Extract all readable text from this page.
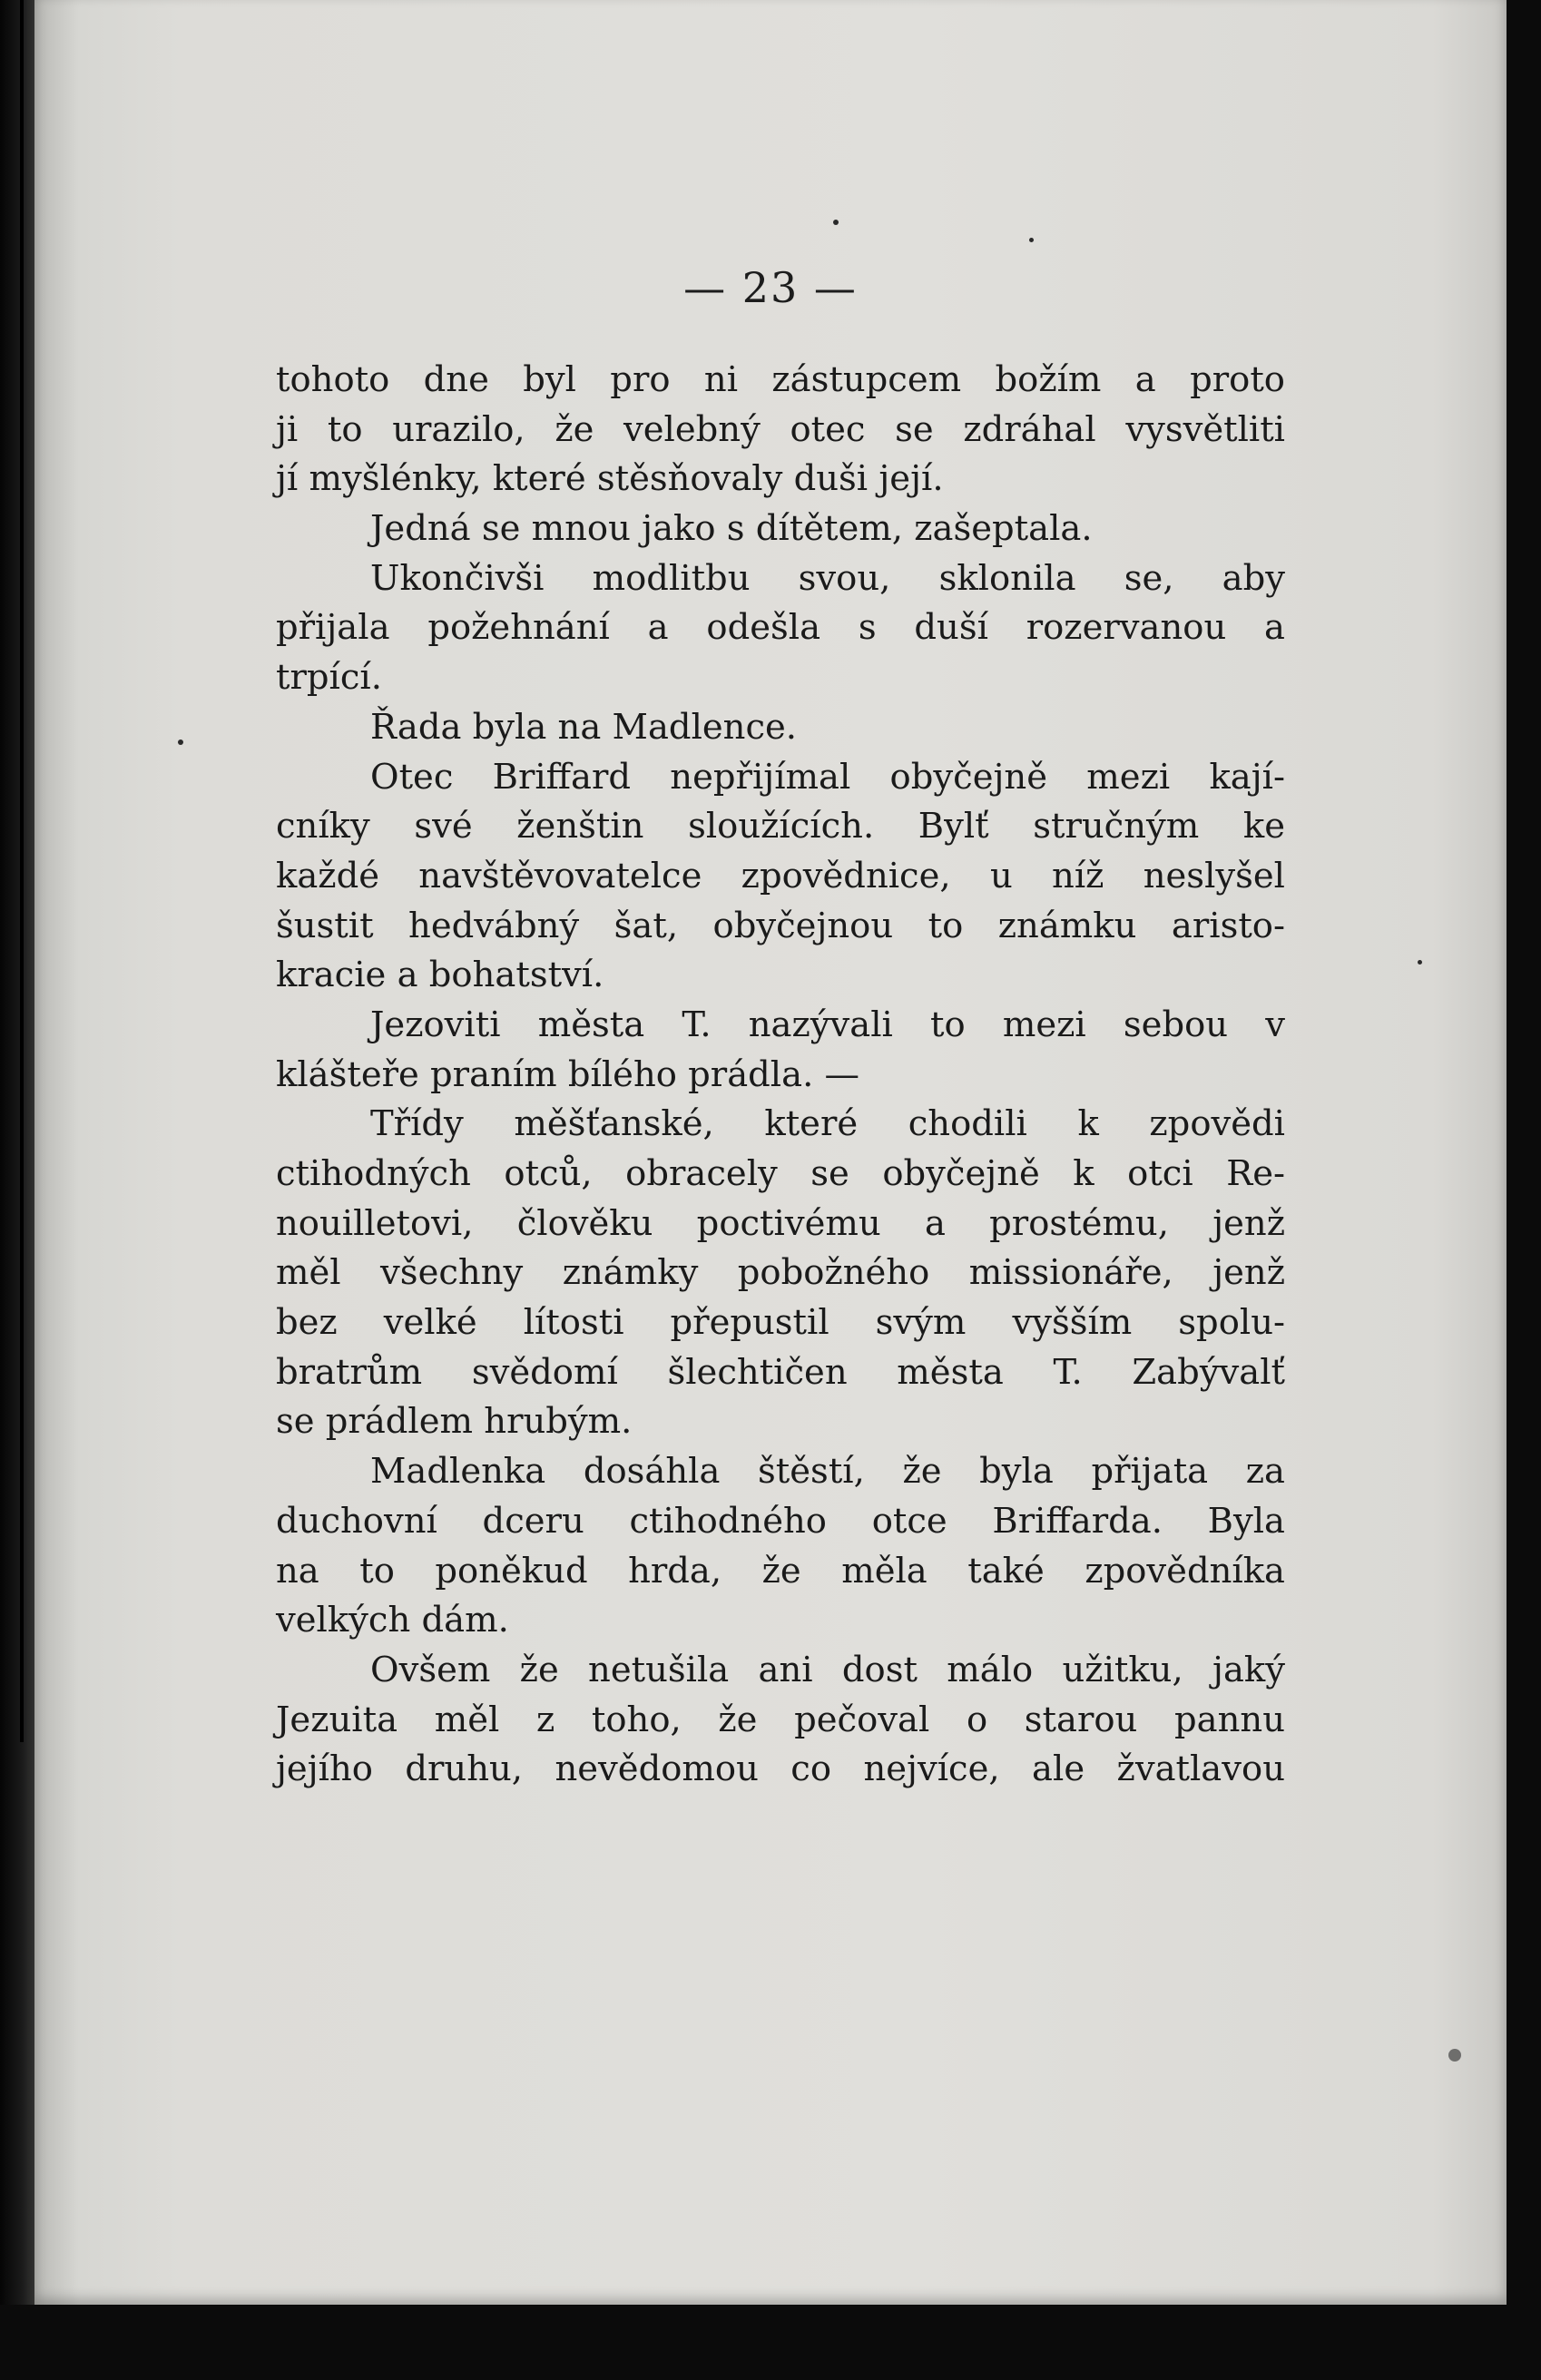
— 23 —
tohoto dne byl pro ni zástupcem božím a proto
ji to urazilo, že velebný otec se zdráhal vysvětliti
jí myšlénky, které stěsňovaly duši její.
Jedná se mnou jako s dítětem, zašeptala.
Ukončivši modlitbu svou, sklonila se, aby
přijala požehnání a odešla s duší rozervanou a
trpící.
Řada byla na Madlence.
Otec Briffard nepřijímal obyčejně mezi kají-
cníky své ženštin sloužících. Bylť stručným ke
každé navštěvovatelce zpovědnice, u níž neslyšel
šustit hedvábný šat, obyčejnou to známku aristo-
kracie a bohatství.
Jezoviti města T. nazývali to mezi sebou v
klášteře praním bílého prádla. —
Třídy měšťanské, které chodili k zpovědi
ctihodných otců, obracely se obyčejně k otci Re-
nouilletovi, člověku poctivému a prostému, jenž
měl všechny známky pobožného missionáře, jenž
bez velké lítosti přepustil svým vyšším spolu-
bratrům svědomí šlechtičen města T. Zabývalť
se prádlem hrubým.
Madlenka dosáhla štěstí, že byla přijata za
duchovní dceru ctihodného otce Briffarda. Byla
na to poněkud hrda, že měla také zpovědníka
velkých dám.
Ovšem že netušila ani dost málo užitku, jaký
Jezuita měl z toho, že pečoval o starou pannu
jejího druhu, nevědomou co nejvíce, ale žvatlavou
